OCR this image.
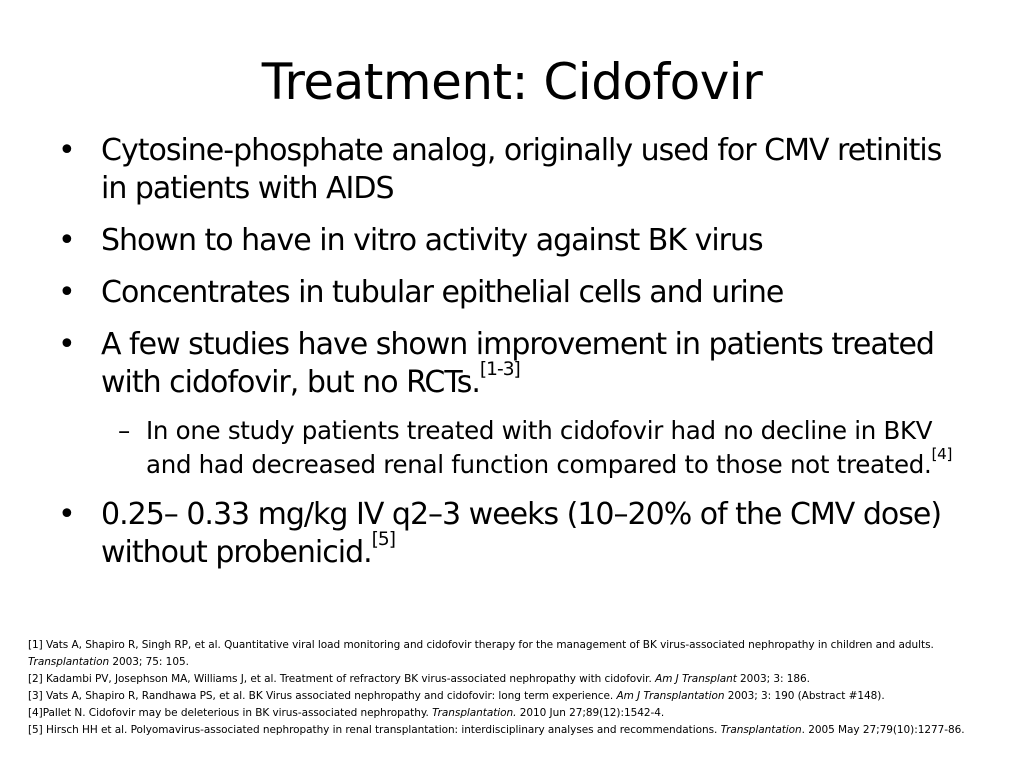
Treatment: Cidofovir
• Cytosine-phosphate analog, originally used for CMV retinitis in patients with AIDS
• Shown to have in vitro activity against BK virus
• Concentrates in tubular epithelial cells and urine
• A few studies have shown improvement in patients treated with cidofovir, but no RCTs.[1-3]
– In one study patients treated with cidofovir had no decline in BKV and had decreased renal function compared to those not treated.[4]
• 0.25– 0.33 mg/kg IV q2–3 weeks (10–20% of the CMV dose) without probenicid.[5]
[1] Vats A, Shapiro R, Singh RP, et al. Quantitative viral load monitoring and cidofovir therapy for the management of BK virus-associated nephropathy in children and adults. Transplantation 2003; 75: 105.
[2] Kadambi PV, Josephson MA, Williams J, et al. Treatment of refractory BK virus-associated nephropathy with cidofovir. Am J Transplant 2003; 3: 186.
[3] Vats A, Shapiro R, Randhawa PS, et al. BK Virus associated nephropathy and cidofovir: long term experience. Am J Transplantation 2003; 3: 190 (Abstract #148).
[4]Pallet N. Cidofovir may be deleterious in BK virus-associated nephropathy. Transplantation. 2010 Jun 27;89(12):1542-4.
[5] Hirsch HH et al. Polyomavirus-associated nephropathy in renal transplantation: interdisciplinary analyses and recommendations. Transplantation. 2005 May 27;79(10):1277-86.
